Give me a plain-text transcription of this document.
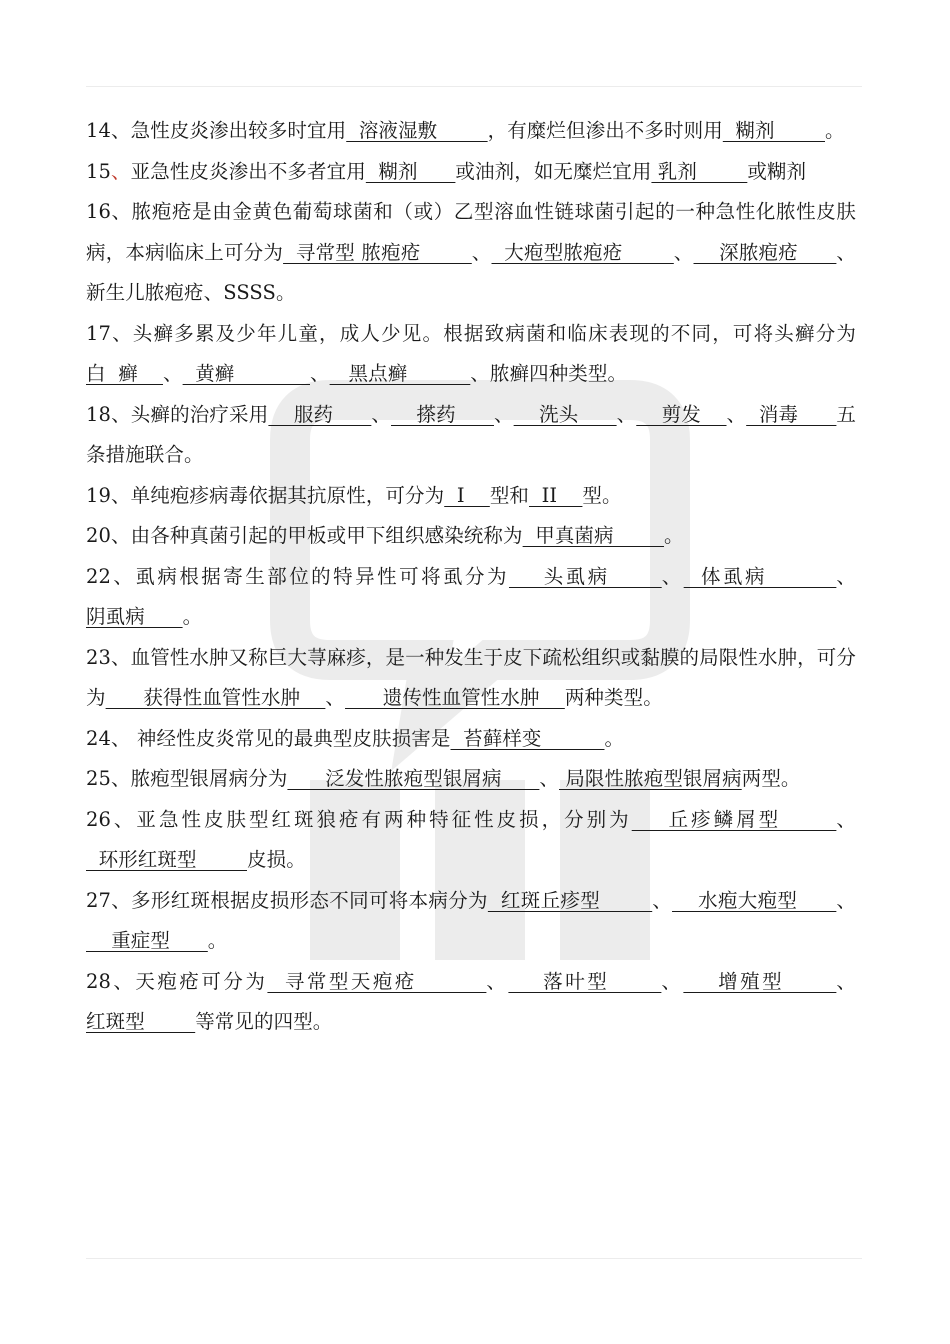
14、急性皮炎渗出较多时宜用  溶液湿敷        ，有糜烂但渗出不多时则用  糊剂        。

15、亚急性皮炎渗出不多者宜用  糊剂      或油剂，如无糜烂宜用 乳剂        或糊剂

16、脓疱疮是由金黄色葡萄球菌和（或）乙型溶血性链球菌引起的一种急性化脓性皮肤病，本病临床上可分为  寻常型 脓疱疮        、  大疱型脓疱疮        、    深脓疱疮      、新生儿脓疱疮、SSSS。

17、头癣多累及少年儿童，成人少见。根据致病菌和临床表现的不同，可将头癣分为白  癣    、  黄癣            、   黑点癣          、脓癣四种类型。

18、头癣的治疗采用    服药      、    搽药      、    洗头      、    剪发    、  消毒      五条措施联合。

19、单纯疱疹病毒依据其抗原性，可分为  I    型和  II    型。

20、由各种真菌引起的甲板或甲下组织感染统称为  甲真菌病        。

22、虱病根据寄生部位的特异性可将虱分为    头虱病      、  体虱病        、阴虱病      。

23、血管性水肿又称巨大荨麻疹，是一种发生于皮下疏松组织或黏膜的局限性水肿，可分为      获得性血管性水肿    、      遗传性血管性水肿    两种类型。

24、 神经性皮炎常见的最典型皮肤损害是  苔藓样变          。

25、脓疱型银屑病分为      泛发性脓疱型银屑病      、 局限性脓疱型银屑病两型。

26、亚急性皮肤型红斑狼疮有两种特征性皮损，分别为    丘疹鳞屑型      、  环形红斑型        皮损。

27、多形红斑根据皮损形态不同可将本病分为  红斑丘疹型        、    水疱大疱型      、    重症型      。

28、天疱疮可分为  寻常型天疱疮        、    落叶型      、    增殖型      、红斑型        等常见的四型。
